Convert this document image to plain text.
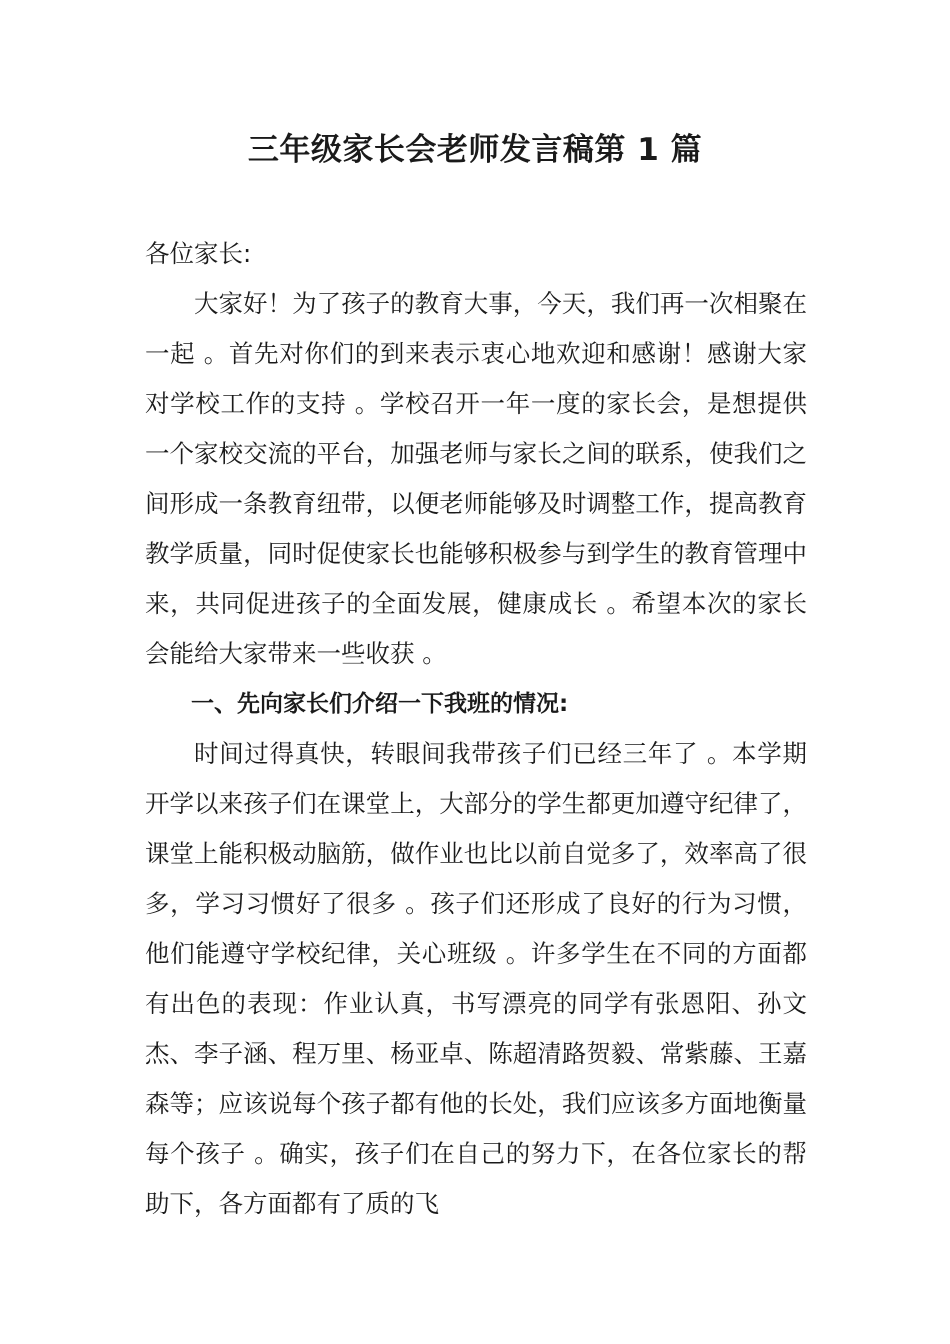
三年级家长会老师发言稿第 1 篇

各位家长:

大家好！为了孩子的教育大事，今天，我们再一次相聚在一起 。首先对你们的到来表示衷心地欢迎和感谢！感谢大家对学校工作的支持 。学校召开一年一度的家长会，是想提供一个家校交流的平台，加强老师与家长之间的联系，使我们之间形成一条教育纽带，以便老师能够及时调整工作，提高教育教学质量，同时促使家长也能够积极参与到学生的教育管理中来，共同促进孩子的全面发展，健康成长 。希望本次的家长会能给大家带来一些收获 。

一、先向家长们介绍一下我班的情况:

时间过得真快，转眼间我带孩子们已经三年了 。本学期开学以来孩子们在课堂上，大部分的学生都更加遵守纪律了，课堂上能积极动脑筋，做作业也比以前自觉多了，效率高了很多，学习习惯好了很多 。孩子们还形成了良好的行为习惯，他们能遵守学校纪律，关心班级 。许多学生在不同的方面都有出色的表现：作业认真，书写漂亮的同学有张恩阳、孙文杰、李子涵、程万里、杨亚卓、陈超清路贺毅、常紫藤、王嘉森等；应该说每个孩子都有他的长处，我们应该多方面地衡量每个孩子 。确实，孩子们在自己的努力下，在各位家长的帮助下，各方面都有了质的飞
